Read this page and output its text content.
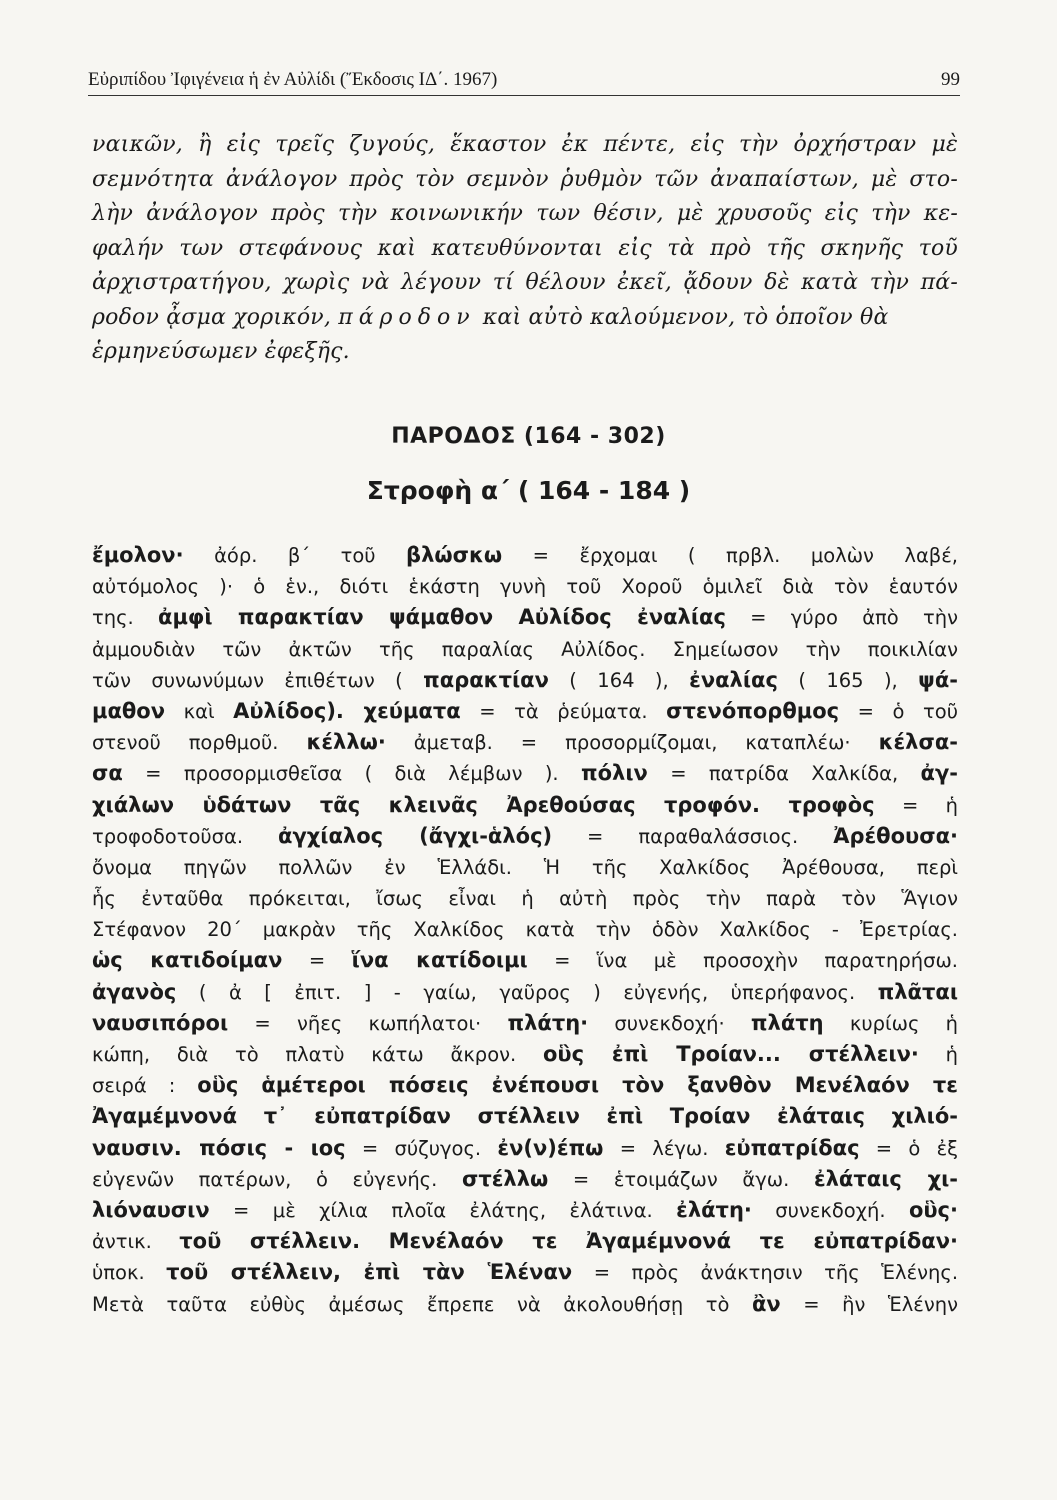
Εὐριπίδου Ἰφιγένεια ἡ ἐν Αὐλίδι (Ἔκδοσις ΙΔ΄. 1967)	99
ναικῶν, ἢ εἰς τρεῖς ζυγούς, ἕκαστον ἐκ πέντε, εἰς τὴν ὀρχήστραν μὲ
σεμνότητα ἀνάλογον πρὸς τὸν σεμνὸν ῥυθμὸν τῶν ἀναπαίστων, μὲ στο-
λὴν ἀνάλογον πρὸς τὴν κοινωνικήν των θέσιν, μὲ χρυσοῦς εἰς τὴν κε-
φαλήν των στεφάνους καὶ κατευθύνονται εἰς τὰ πρὸ τῆς σκηνῆς τοῦ
ἀρχιστρατήγου, χωρὶς νὰ λέγουν τί θέλουν ἐκεῖ, ᾄδουν δὲ κατὰ τὴν πά-
ροδον ᾆσμα χορικόν, πάροδον καὶ αὐτὸ καλούμενον, τὸ ὁποῖον θὰ
ἑρμηνεύσωμεν ἐφεξῆς.
ΠΑΡΟΔΟΣ (164 - 302)
Στροφὴ α΄ ( 164 - 184 )
ἔμολον· ἀόρ. β΄ τοῦ βλώσκω = ἔρχομαι ( πρβλ. μολὼν λαβέ,
αὐτόμολος )· ὁ ἑν., διότι ἑκάστη γυνὴ τοῦ Χοροῦ ὁμιλεῖ διὰ τὸν ἑαυτόν
της. ἀμφὶ παρακτίαν ψάμαθον Αὐλίδος ἐναλίας = γύρο ἀπὸ τὴν
ἀμμουδιὰν τῶν ἀκτῶν τῆς παραλίας Αὐλίδος. Σημείωσον τὴν ποικιλίαν
τῶν συνωνύμων ἐπιθέτων ( παρακτίαν ( 164 ), ἐναλίας ( 165 ), ψά-
μαθον καὶ Αὐλίδος). χεύματα = τὰ ῥεύματα. στενόπορθμος = ὁ τοῦ
στενοῦ πορθμοῦ. κέλλω· ἀμεταβ. = προσορμίζομαι, καταπλέω· κέλσα-
σα = προσορμισθεῖσα ( διὰ λέμβων ). πόλιν = πατρίδα Χαλκίδα, ἀγ-
χιάλων ὑδάτων τᾶς κλεινᾶς Ἀρεθούσας τροφόν. τροφὸς = ἡ
τροφοδοτοῦσα. ἀγχίαλος (ἄγχι-ἁλός) = παραθαλάσσιος. Ἀρέθουσα·
ὄνομα πηγῶν πολλῶν ἐν Ἑλλάδι. Ἡ τῆς Χαλκίδος Ἀρέθουσα, περὶ
ἧς ἐνταῦθα πρόκειται, ἴσως εἶναι ἡ αὐτὴ πρὸς τὴν παρὰ τὸν Ἅγιον
Στέφανον 20΄ μακρὰν τῆς Χαλκίδος κατὰ τὴν ὁδὸν Χαλκίδος - Ἐρετρίας.
ὡς κατιδοίμαν = ἵνα κατίδοιμι = ἵνα μὲ προσοχὴν παρατηρήσω.
ἀγανὸς ( ἀ [ ἐπιτ. ] - γαίω, γαῦρος ) εὐγενής, ὑπερήφανος. πλᾶται
ναυσιπόροι = νῆες κωπήλατοι· πλάτη· συνεκδοχή· πλάτη κυρίως ἡ
κώπη, διὰ τὸ πλατὺ κάτω ἄκρον. οὓς ἐπὶ Τροίαν... στέλλειν· ἡ
σειρά : οὓς ἁμέτεροι πόσεις ἐνέπουσι τὸν ξανθὸν Μενέλαόν τε
Ἀγαμέμνονά τ᾽ εὐπατρίδαν στέλλειν ἐπὶ Τροίαν ἐλάταις χιλιό-
ναυσιν. πόσις - ιος = σύζυγος. ἐν(ν)έπω = λέγω. εὐπατρίδας = ὁ ἐξ
εὐγενῶν πατέρων, ὁ εὐγενής. στέλλω = ἑτοιμάζων ἄγω. ἐλάταις χι-
λιόναυσιν = μὲ χίλια πλοῖα ἐλάτης, ἐλάτινα. ἐλάτη· συνεκδοχή. οὓς·
ἀντικ. τοῦ στέλλειν. Μενέλαόν τε Ἀγαμέμνονά τε εὐπατρίδαν·
ὑποκ. τοῦ στέλλειν, ἐπὶ τὰν Ἑλέναν = πρὸς ἀνάκτησιν τῆς Ἑλένης.
Μετὰ ταῦτα εὐθὺς ἀμέσως ἔπρεπε νὰ ἀκολουθήσῃ τὸ ἂν = ἢν Ἑλένην
